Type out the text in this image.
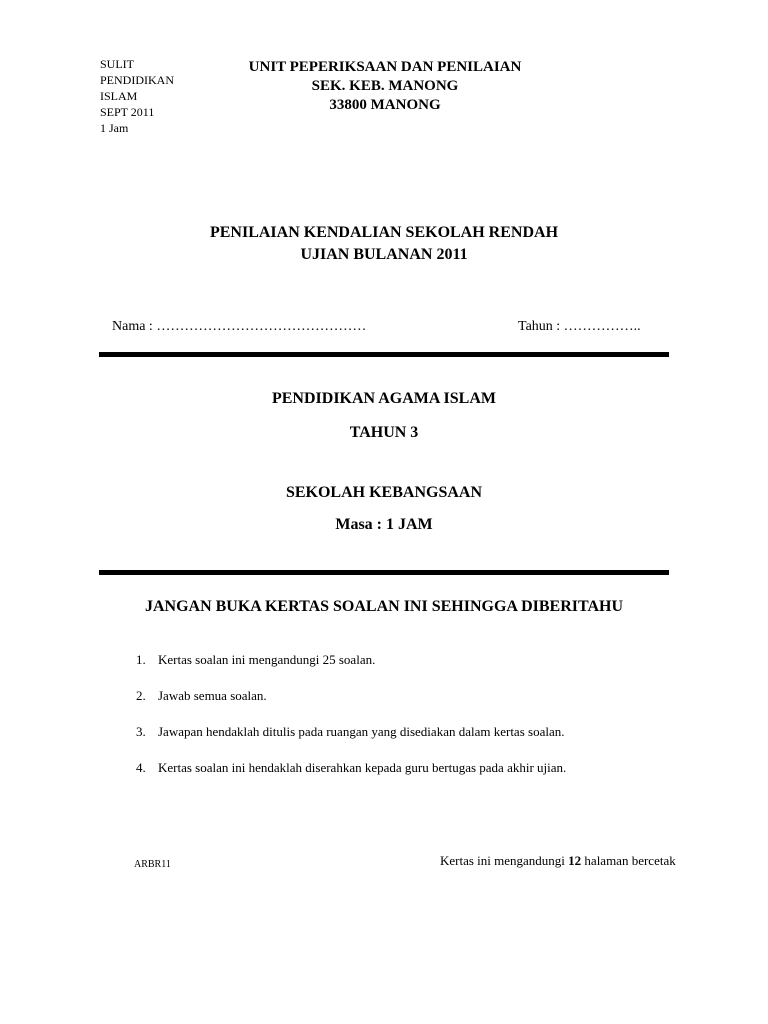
SULIT
PENDIDIKAN
ISLAM
SEPT 2011
1 Jam
UNIT PEPERIKSAAN DAN PENILAIAN
SEK. KEB. MANONG
33800 MANONG
PENILAIAN KENDALIAN SEKOLAH RENDAH
UJIAN BULANAN 2011
Nama : ………………………………………	Tahun : ……………..
PENDIDIKAN AGAMA ISLAM
TAHUN 3
SEKOLAH KEBANGSAAN
Masa : 1 JAM
JANGAN BUKA KERTAS SOALAN INI SEHINGGA DIBERITAHU
1. Kertas soalan ini mengandungi 25 soalan.
2. Jawab semua soalan.
3. Jawapan hendaklah ditulis pada ruangan yang disediakan dalam kertas soalan.
4. Kertas soalan ini hendaklah diserahkan kepada guru bertugas pada akhir ujian.
ARBR11	Kertas ini mengandungi 12 halaman bercetak
